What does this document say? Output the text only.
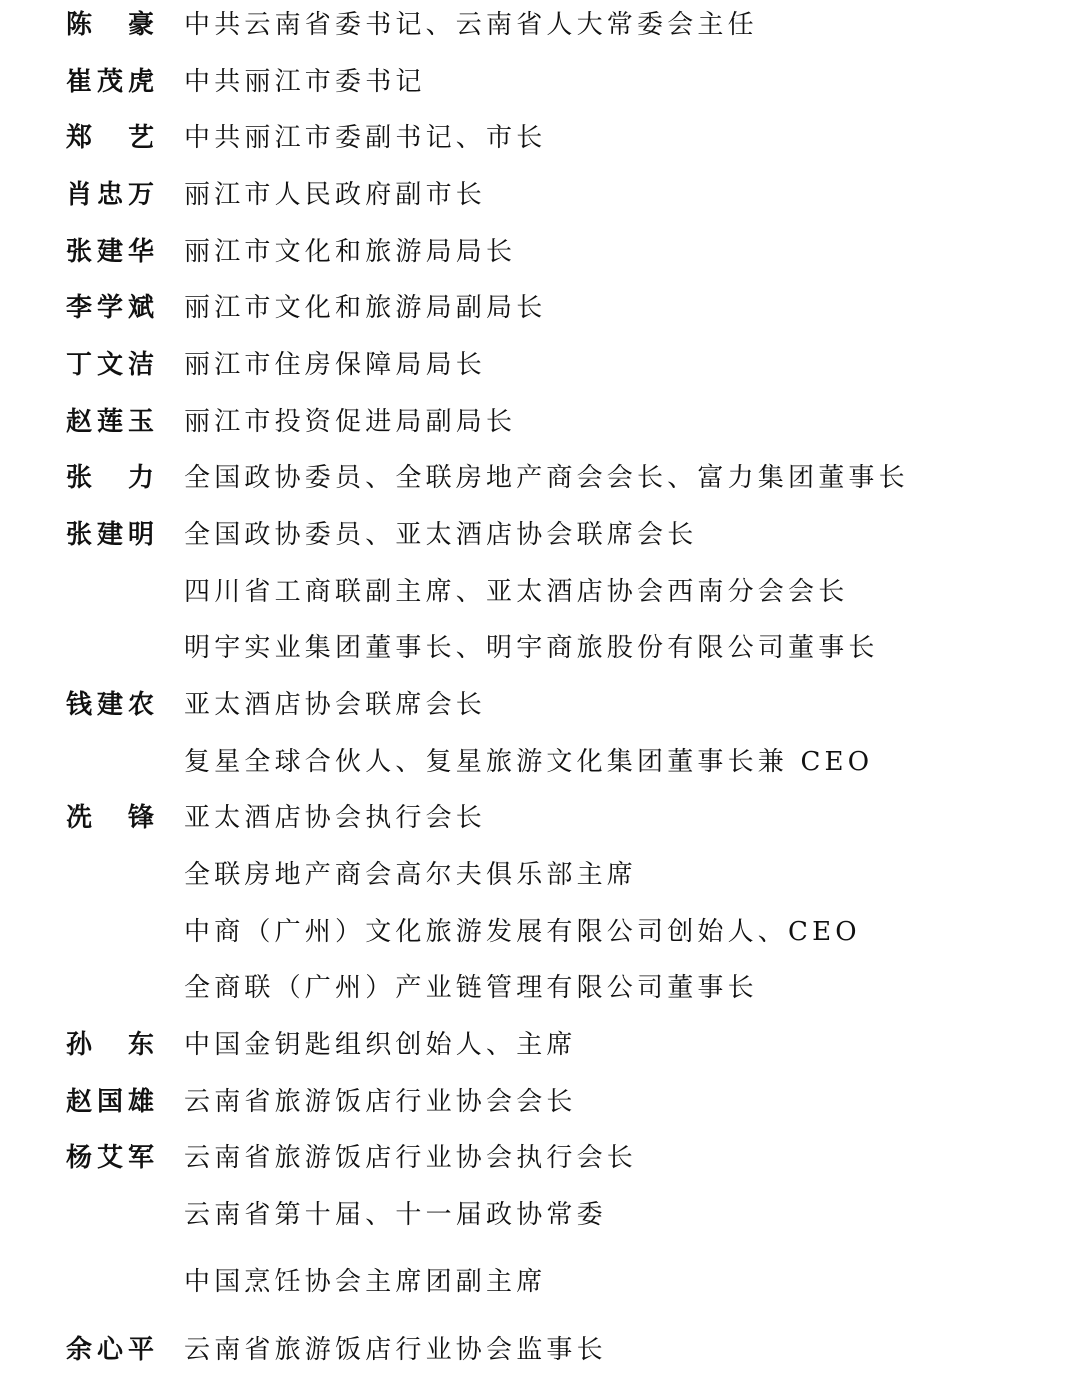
陈　豪 中共云南省委书记、云南省人大常委会主任
崔茂虎 中共丽江市委书记
郑　艺 中共丽江市委副书记、市长
肖忠万 丽江市人民政府副市长
张建华 丽江市文化和旅游局局长
李学斌 丽江市文化和旅游局副局长
丁文洁 丽江市住房保障局局长
赵莲玉 丽江市投资促进局副局长
张　力 全国政协委员、全联房地产商会会长、富力集团董事长
张建明 全国政协委员、亚太酒店协会联席会长
四川省工商联副主席、亚太酒店协会西南分会会长
明宇实业集团董事长、明宇商旅股份有限公司董事长
钱建农 亚太酒店协会联席会长
复星全球合伙人、复星旅游文化集团董事长兼 CEO
冼　锋 亚太酒店协会执行会长
全联房地产商会高尔夫俱乐部主席
中商（广州）文化旅游发展有限公司创始人、CEO
全商联（广州）产业链管理有限公司董事长
孙　东 中国金钥匙组织创始人、主席
赵国雄 云南省旅游饭店行业协会会长
杨艾军 云南省旅游饭店行业协会执行会长
云南省第十届、十一届政协常委
中国烹饪协会主席团副主席
余心平 云南省旅游饭店行业协会监事长
